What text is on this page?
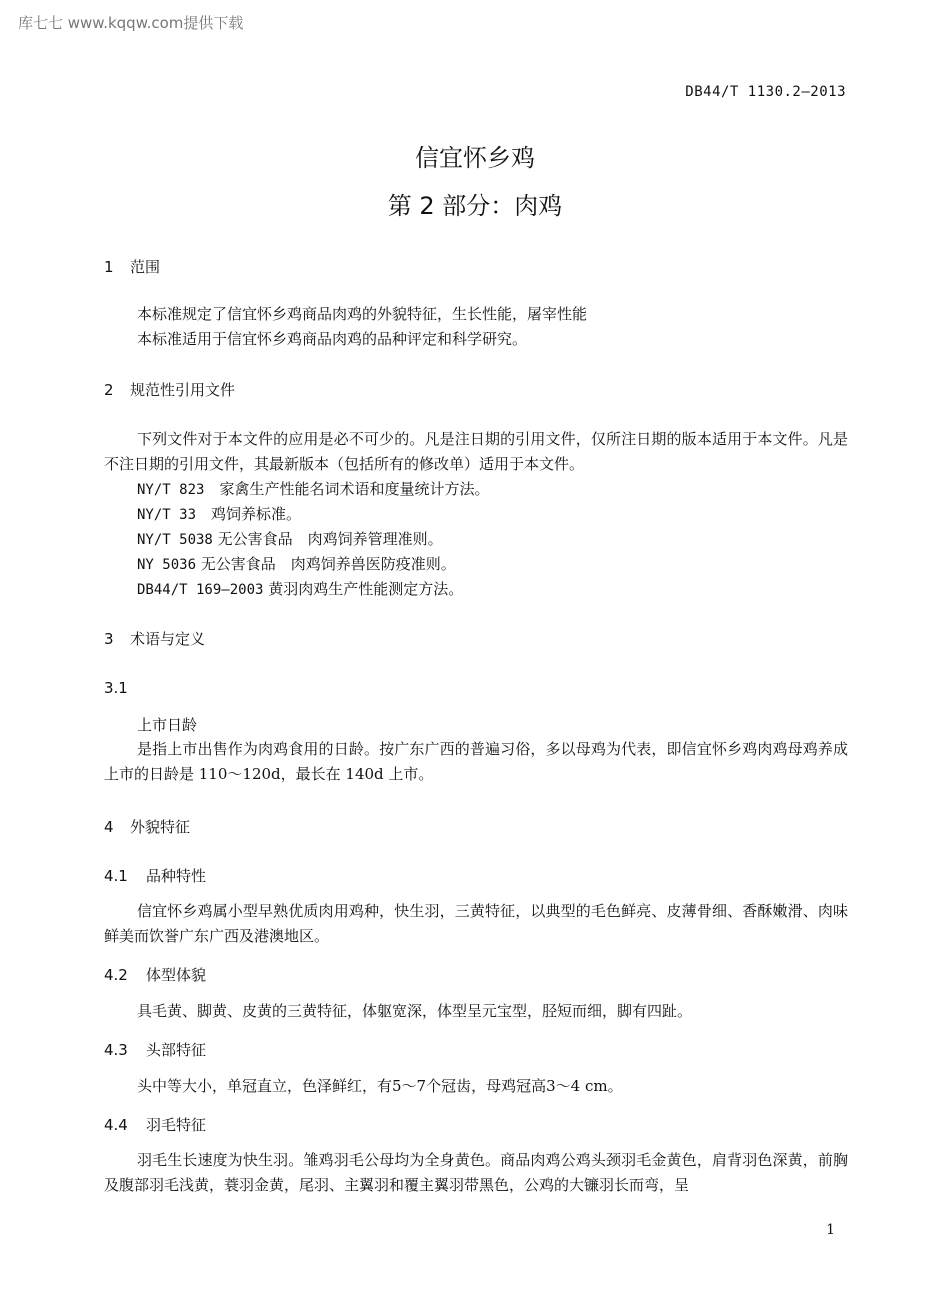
库七七 www.kqqw.com提供下载
DB44/T 1130.2—2013
信宜怀乡鸡
第 2 部分：肉鸡
1 范围
本标准规定了信宜怀乡鸡商品肉鸡的外貌特征，生长性能，屠宰性能
本标准适用于信宜怀乡鸡商品肉鸡的品种评定和科学研究。
2 规范性引用文件
下列文件对于本文件的应用是必不可少的。凡是注日期的引用文件，仅所注日期的版本适用于本文件。凡是不注日期的引用文件，其最新版本（包括所有的修改单）适用于本文件。
NY/T 823　 家禽生产性能名词术语和度量统计方法。
NY/T 33　 鸡饲养标准。
NY/T 5038 无公害食品　肉鸡饲养管理准则。
NY 5036 无公害食品　肉鸡饲养兽医防疫准则。
DB44/T 169—2003 黄羽肉鸡生产性能测定方法。
3 术语与定义
3.1
上市日龄
是指上市出售作为肉鸡食用的日龄。按广东广西的普遍习俗，多以母鸡为代表，即信宜怀乡鸡肉鸡母鸡养成上市的日龄是 110～120d，最长在 140d 上市。
4 外貌特征
4.1 品种特性
信宜怀乡鸡属小型早熟优质肉用鸡种，快生羽，三黄特征，以典型的毛色鲜亮、皮薄骨细、香酥嫩滑、肉味鲜美而饮誉广东广西及港澳地区。
4.2 体型体貌
具毛黄、脚黄、皮黄的三黄特征，体躯宽深，体型呈元宝型，胫短而细，脚有四趾。
4.3 头部特征
头中等大小，单冠直立，色泽鲜红，有5～7个冠齿，母鸡冠高3～4 cm。
4.4 羽毛特征
羽毛生长速度为快生羽。雏鸡羽毛公母均为全身黄色。商品肉鸡公鸡头颈羽毛金黄色，肩背羽色深黄，前胸及腹部羽毛浅黄，蓑羽金黄，尾羽、主翼羽和覆主翼羽带黑色，公鸡的大镰羽长而弯，呈
1
